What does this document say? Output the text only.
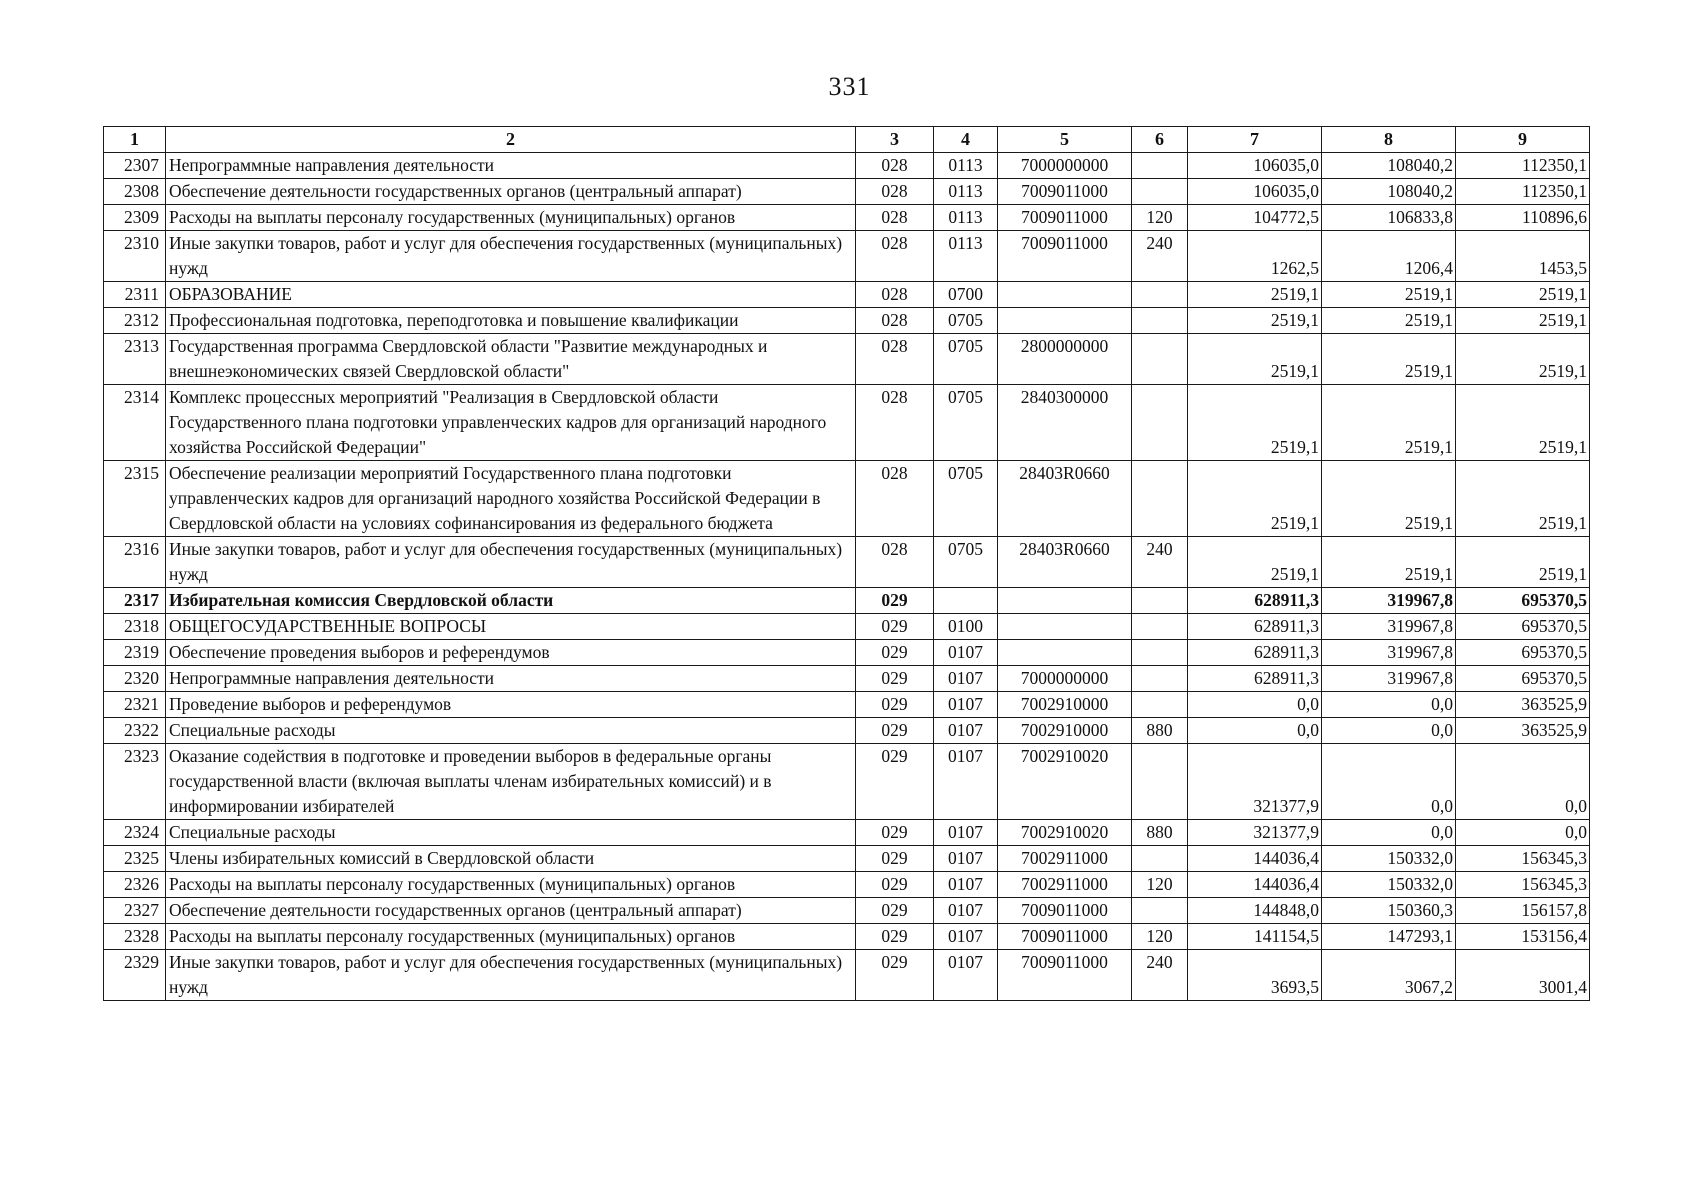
331
1	2	3	4	5	6	7	8	9
2307	Непрограммные направления деятельности	028	0113	7000000000		106035,0	108040,2	112350,1
2308	Обеспечение деятельности государственных органов (центральный аппарат)	028	0113	7009011000		106035,0	108040,2	112350,1
2309	Расходы на выплаты персоналу государственных (муниципальных) органов	028	0113	7009011000	120	104772,5	106833,8	110896,6
2310	Иные закупки товаров, работ и услуг для обеспечения государственных (муниципальных) нужд	028	0113	7009011000	240	1262,5	1206,4	1453,5
2311	ОБРАЗОВАНИЕ	028	0700			2519,1	2519,1	2519,1
2312	Профессиональная подготовка, переподготовка и повышение квалификации	028	0705			2519,1	2519,1	2519,1
2313	Государственная программа Свердловской области "Развитие международных и внешнеэкономических связей Свердловской области"	028	0705	2800000000		2519,1	2519,1	2519,1
2314	Комплекс процессных мероприятий "Реализация в Свердловской области Государственного плана подготовки управленческих кадров для организаций народного хозяйства Российской Федерации"	028	0705	2840300000		2519,1	2519,1	2519,1
2315	Обеспечение реализации мероприятий Государственного плана подготовки управленческих кадров для организаций народного хозяйства Российской Федерации в Свердловской области на условиях софинансирования из федерального бюджета	028	0705	28403R0660		2519,1	2519,1	2519,1
2316	Иные закупки товаров, работ и услуг для обеспечения государственных (муниципальных) нужд	028	0705	28403R0660	240	2519,1	2519,1	2519,1
2317	Избирательная комиссия Свердловской области	029				628911,3	319967,8	695370,5
2318	ОБЩЕГОСУДАРСТВЕННЫЕ ВОПРОСЫ	029	0100			628911,3	319967,8	695370,5
2319	Обеспечение проведения выборов и референдумов	029	0107			628911,3	319967,8	695370,5
2320	Непрограммные направления деятельности	029	0107	7000000000		628911,3	319967,8	695370,5
2321	Проведение выборов и референдумов	029	0107	7002910000		0,0	0,0	363525,9
2322	Специальные расходы	029	0107	7002910000	880	0,0	0,0	363525,9
2323	Оказание содействия в подготовке и проведении выборов в федеральные органы государственной власти (включая выплаты членам избирательных комиссий) и в информировании избирателей	029	0107	7002910020		321377,9	0,0	0,0
2324	Специальные расходы	029	0107	7002910020	880	321377,9	0,0	0,0
2325	Члены избирательных комиссий в Свердловской области	029	0107	7002911000		144036,4	150332,0	156345,3
2326	Расходы на выплаты персоналу государственных (муниципальных) органов	029	0107	7002911000	120	144036,4	150332,0	156345,3
2327	Обеспечение деятельности государственных органов (центральный аппарат)	029	0107	7009011000		144848,0	150360,3	156157,8
2328	Расходы на выплаты персоналу государственных (муниципальных) органов	029	0107	7009011000	120	141154,5	147293,1	153156,4
2329	Иные закупки товаров, работ и услуг для обеспечения государственных (муниципальных) нужд	029	0107	7009011000	240	3693,5	3067,2	3001,4
